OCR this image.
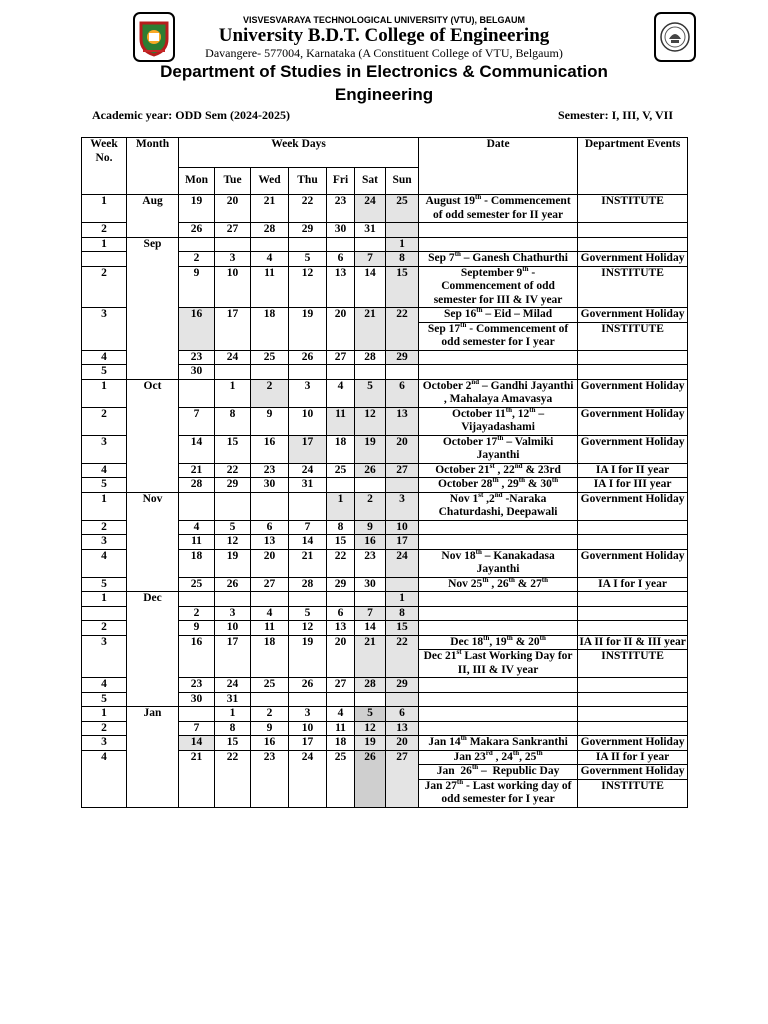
VISVESVARAYA TECHNOLOGICAL UNIVERSITY (VTU), BELGAUM
University B.D.T. College of Engineering
Davangere- 577004, Karnataka (A Constituent College of VTU, Belgaum)
Department of Studies in Electronics & Communication
Engineering
Academic year: ODD Sem (2024-2025)	Semester: I, III, V, VII
Week No.	Month	Week Days							Date	Department Events
		Mon	Tue	Wed	Thu	Fri	Sat	Sun		
1	Aug	19	20	21	22	23	24	25	August 19th - Commencement of odd semester for II year	INSTITUTE
2		26	27	28	29	30	31			
1	Sep							1		
		2	3	4	5	6	7	8	Sep 7th – Ganesh Chathurthi	Government Holiday
2		9	10	11	12	13	14	15	September 9th - Commencement of odd semester for III & IV year	INSTITUTE
3		16	17	18	19	20	21	22	Sep 16th – Eid – Milad	Government Holiday
									Sep 17th - Commencement of odd semester for I year	INSTITUTE
4		23	24	25	26	27	28	29		
5		30								
1	Oct		1	2	3	4	5	6	October 2nd – Gandhi Jayanthi , Mahalaya Amavasya	Government Holiday
2		7	8	9	10	11	12	13	October 11th, 12th – Vijayadashami	Government Holiday
3		14	15	16	17	18	19	20	October 17th – Valmiki Jayanthi	Government Holiday
4		21	22	23	24	25	26	27	October 21st , 22nd & 23rd	IA I for II year
5		28	29	30	31				October 28th , 29th & 30th	IA I for III year
1	Nov					1	2	3	Nov 1st ,2nd -Naraka Chaturdashi, Deepawali	Government Holiday
2		4	5	6	7	8	9	10		
3		11	12	13	14	15	16	17		
4		18	19	20	21	22	23	24	Nov 18th – Kanakadasa Jayanthi	Government Holiday
5		25	26	27	28	29	30		Nov 25th , 26th & 27th	IA I for I year
1	Dec							1		
		2	3	4	5	6	7	8		
2		9	10	11	12	13	14	15		
3		16	17	18	19	20	21	22	Dec 18th, 19th & 20th	IA II for II & III year
									Dec 21st Last Working Day for II, III & IV year	INSTITUTE
4		23	24	25	26	27	28	29		
5		30	31							
1	Jan		1	2	3	4	5	6		
2		7	8	9	10	11	12	13		
3		14	15	16	17	18	19	20	Jan 14th Makara Sankranthi	Government Holiday
4		21	22	23	24	25	26	27	Jan 23rd , 24th, 25th	IA II for I year
									Jan  26th –  Republic Day	Government Holiday
									Jan 27th - Last working day of odd semester for I year	INSTITUTE
